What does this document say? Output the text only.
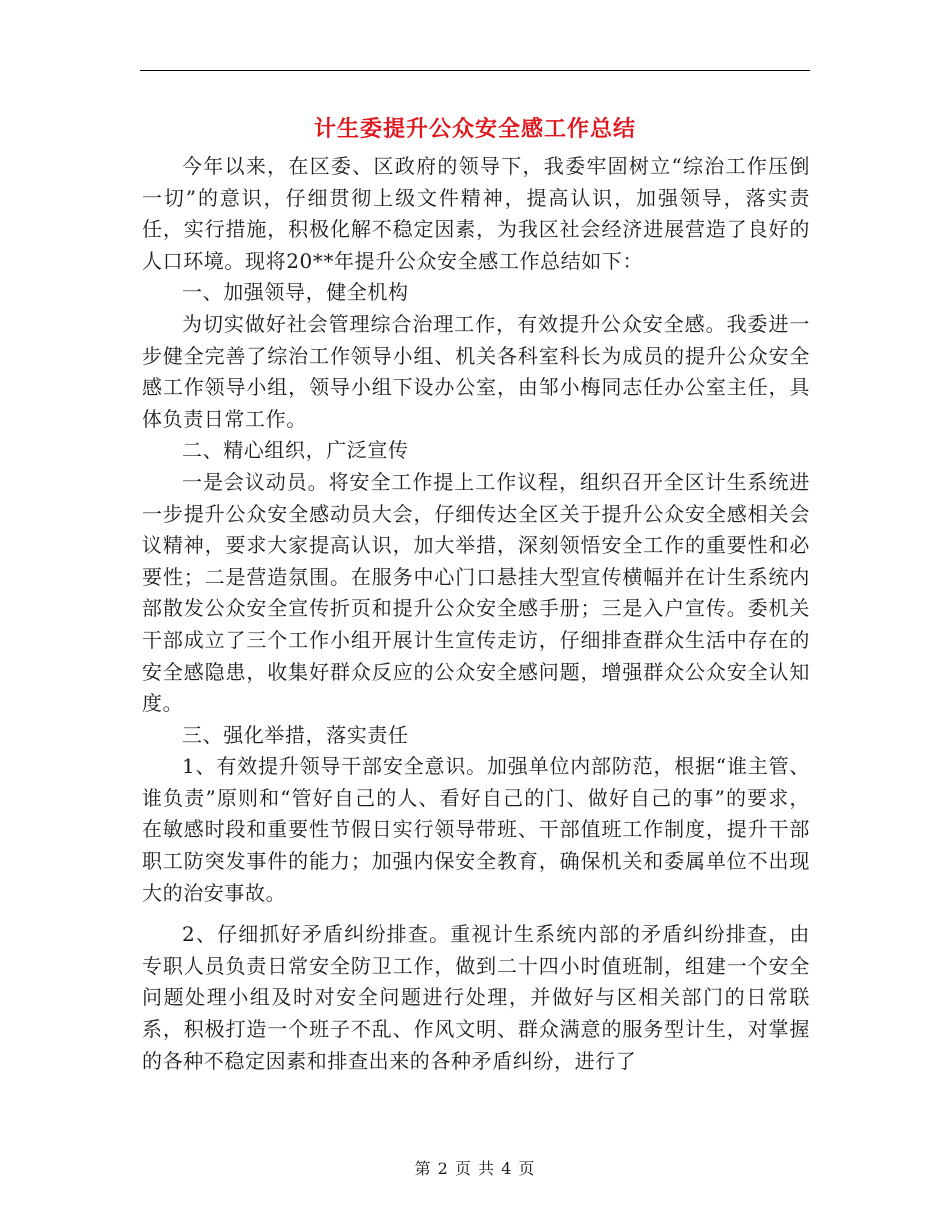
计生委提升公众安全感工作总结

今年以来，在区委、区政府的领导下，我委牢固树立“综治工作压倒一切”的意识，仔细贯彻上级文件精神，提高认识，加强领导，落实责任，实行措施，积极化解不稳定因素，为我区社会经济进展营造了良好的人口环境。现将20**年提升公众安全感工作总结如下：

一、加强领导，健全机构

为切实做好社会管理综合治理工作，有效提升公众安全感。我委进一步健全完善了综治工作领导小组、机关各科室科长为成员的提升公众安全感工作领导小组，领导小组下设办公室，由邹小梅同志任办公室主任，具体负责日常工作。

二、精心组织，广泛宣传

一是会议动员。将安全工作提上工作议程，组织召开全区计生系统进一步提升公众安全感动员大会，仔细传达全区关于提升公众安全感相关会议精神，要求大家提高认识，加大举措，深刻领悟安全工作的重要性和必要性；二是营造氛围。在服务中心门口悬挂大型宣传横幅并在计生系统内部散发公众安全宣传折页和提升公众安全感手册；三是入户宣传。委机关干部成立了三个工作小组开展计生宣传走访，仔细排查群众生活中存在的安全感隐患，收集好群众反应的公众安全感问题，增强群众公众安全认知度。

三、强化举措，落实责任

1、有效提升领导干部安全意识。加强单位内部防范，根据“谁主管、谁负责”原则和“管好自己的人、看好自己的门、做好自己的事”的要求，在敏感时段和重要性节假日实行领导带班、干部值班工作制度，提升干部职工防突发事件的能力；加强内保安全教育，确保机关和委属单位不出现大的治安事故。

2、仔细抓好矛盾纠纷排查。重视计生系统内部的矛盾纠纷排查，由专职人员负责日常安全防卫工作，做到二十四小时值班制，组建一个安全问题处理小组及时对安全问题进行处理，并做好与区相关部门的日常联系，积极打造一个班子不乱、作风文明、群众满意的服务型计生，对掌握的各种不稳定因素和排查出来的各种矛盾纠纷，进行了

第 2 页 共 4 页
